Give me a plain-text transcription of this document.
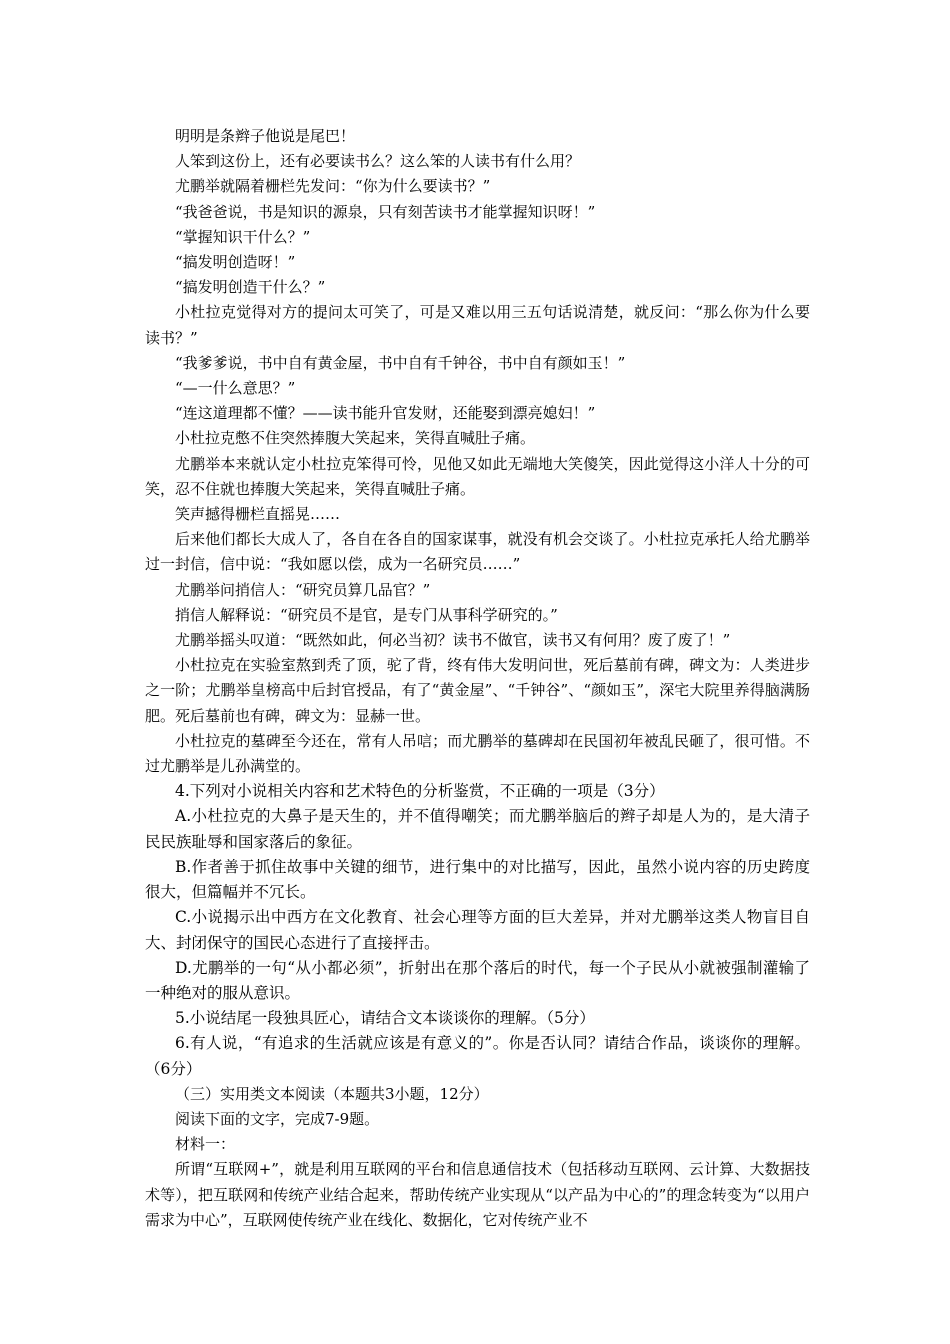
明明是条辫子他说是尾巴！

人笨到这份上，还有必要读书么？这么笨的人读书有什么用？

尤鹏举就隔着栅栏先发问：“你为什么要读书？”

“我爸爸说，书是知识的源泉，只有刻苦读书才能掌握知识呀！”

“掌握知识干什么？”

“搞发明创造呀！”

“搞发明创造干什么？”

小杜拉克觉得对方的提问太可笑了，可是又难以用三五句话说清楚，就反问：“那么你为什么要读书？”

“我爹爹说，书中自有黄金屋，书中自有千钟谷，书中自有颜如玉！”

“—一什么意思？”

“连这道理都不懂？——读书能升官发财，还能娶到漂亮媳妇！”

小杜拉克憋不住突然捧腹大笑起来，笑得直喊肚子痛。

尤鹏举本来就认定小杜拉克笨得可怜，见他又如此无端地大笑傻笑，因此觉得这小洋人十分的可笑，忍不住就也捧腹大笑起来，笑得直喊肚子痛。

笑声撼得栅栏直摇晃……

后来他们都长大成人了，各自在各自的国家谋事，就没有机会交谈了。小杜拉克承托人给尤鹏举过一封信，信中说：“我如愿以偿，成为一名研究员……”

尤鹏举问捎信人：“研究员算几品官？”

捎信人解释说：“研究员不是官，是专门从事科学研究的。”

尤鹏举摇头叹道：“既然如此，何必当初？读书不做官，读书又有何用？废了废了！”

小杜拉克在实验室熬到秃了顶，驼了背，终有伟大发明问世，死后墓前有碑，碑文为：人类进步之一阶；尤鹏举皇榜高中后封官授品，有了“黄金屋”、“千钟谷”、“颜如玉”，深宅大院里养得脑满肠肥。死后墓前也有碑，碑文为：显赫一世。

小杜拉克的墓碑至今还在，常有人吊唁；而尤鹏举的墓碑却在民国初年被乱民砸了，很可惜。不过尤鹏举是儿孙满堂的。

4.下列对小说相关内容和艺术特色的分析鉴赏，不正确的一项是（3分）

A.小杜拉克的大鼻子是天生的，并不值得嘲笑；而尤鹏举脑后的辫子却是人为的，是大清子民民族耻辱和国家落后的象征。

B.作者善于抓住故事中关键的细节，进行集中的对比描写，因此，虽然小说内容的历史跨度很大，但篇幅并不冗长。

C.小说揭示出中西方在文化教育、社会心理等方面的巨大差异，并对尤鹏举这类人物盲目自大、封闭保守的国民心态进行了直接抨击。

D.尤鹏举的一句“从小都必须”，折射出在那个落后的时代，每一个子民从小就被强制灌输了一种绝对的服从意识。

5.小说结尾一段独具匠心，请结合文本谈谈你的理解。（5分）

6.有人说，“有追求的生活就应该是有意义的”。你是否认同？请结合作品，谈谈你的理解。（6分）

（三）实用类文本阅读（本题共3小题，12分）

阅读下面的文字，完成7-9题。

材料一：

所谓“互联网+”，就是利用互联网的平台和信息通信技术（包括移动互联网、云计算、大数据技术等），把互联网和传统产业结合起来，帮助传统产业实现从“以产品为中心的”的理念转变为“以用户需求为中心”，互联网使传统产业在线化、数据化，它对传统产业不
